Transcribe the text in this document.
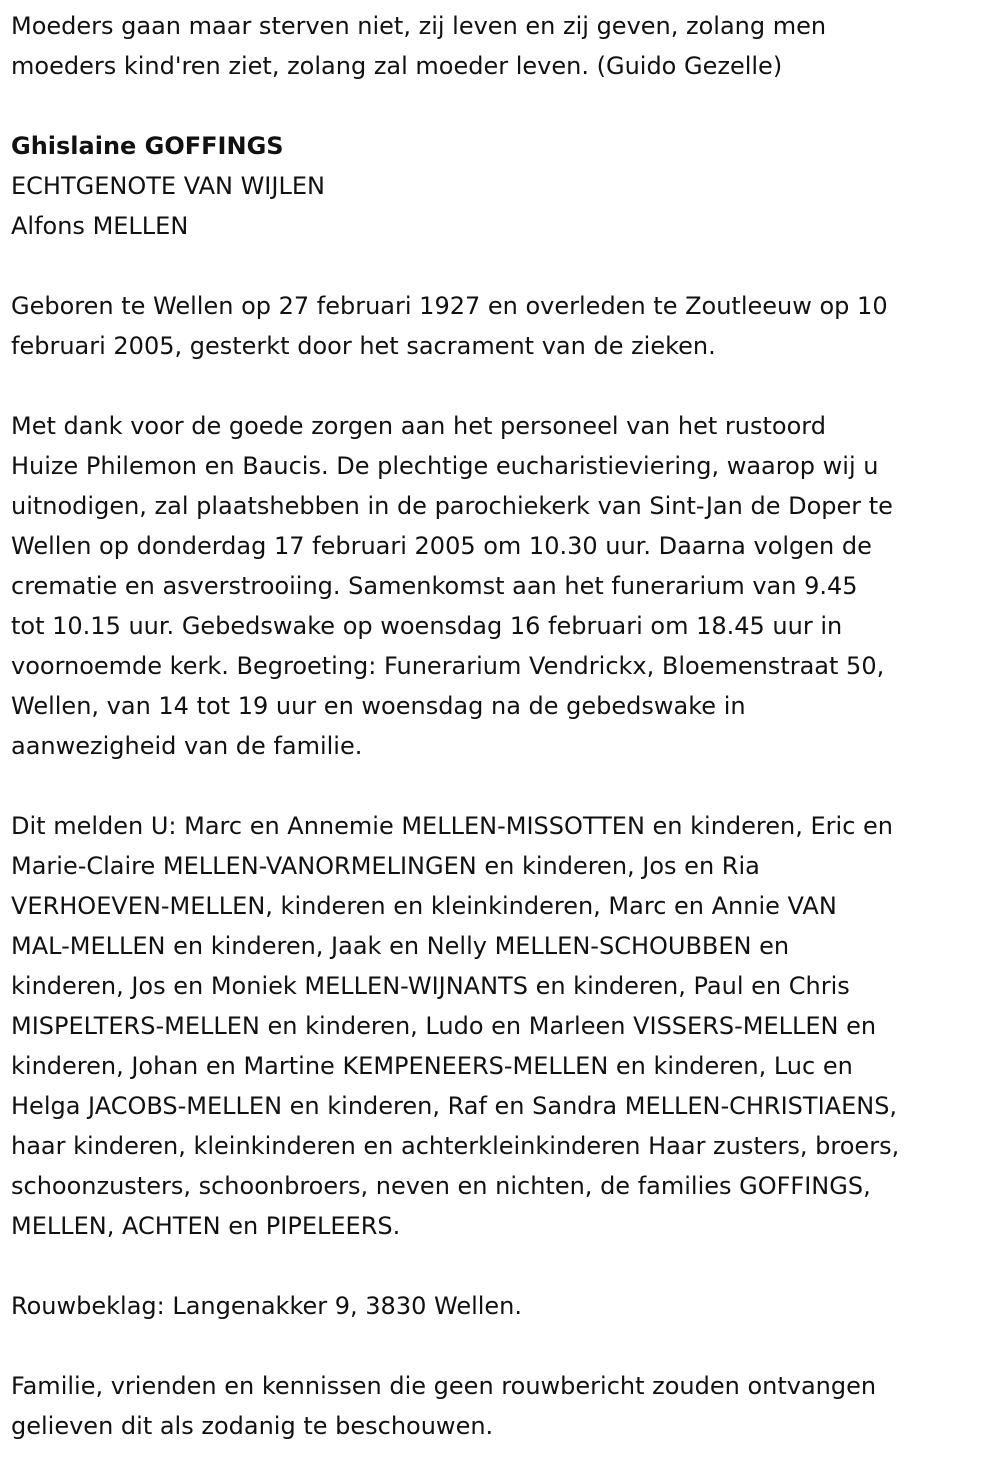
Moeders gaan maar sterven niet, zij leven en zij geven, zolang men
moeders kind'ren ziet, zolang zal moeder leven. (Guido Gezelle)

Ghislaine GOFFINGS

ECHTGENOTE VAN WIJLEN

Alfons MELLEN

Geboren te Wellen op 27 februari 1927 en overleden te Zoutleeuw op 10
februari 2005, gesterkt door het sacrament van de zieken.

Met dank voor de goede zorgen aan het personeel van het rustoord
Huize Philemon en Baucis. De plechtige eucharistieviering, waarop wij u
uitnodigen, zal plaatshebben in de parochiekerk van Sint-Jan de Doper te
Wellen op donderdag 17 februari 2005 om 10.30 uur. Daarna volgen de
crematie en asverstrooiing. Samenkomst aan het funerarium van 9.45
tot 10.15 uur. Gebedswake op woensdag 16 februari om 18.45 uur in
voornoemde kerk. Begroeting: Funerarium Vendrickx, Bloemenstraat 50,
Wellen, van 14 tot 19 uur en woensdag na de gebedswake in
aanwezigheid van de familie.

Dit melden U: Marc en Annemie MELLEN-MISSOTTEN en kinderen, Eric en
Marie-Claire MELLEN-VANORMELINGEN en kinderen, Jos en Ria
VERHOEVEN-MELLEN, kinderen en kleinkinderen, Marc en Annie VAN
MAL-MELLEN en kinderen, Jaak en Nelly MELLEN-SCHOUBBEN en
kinderen, Jos en Moniek MELLEN-WIJNANTS en kinderen, Paul en Chris
MISPELTERS-MELLEN en kinderen, Ludo en Marleen VISSERS-MELLEN en
kinderen, Johan en Martine KEMPENEERS-MELLEN en kinderen, Luc en
Helga JACOBS-MELLEN en kinderen, Raf en Sandra MELLEN-CHRISTIAENS,
haar kinderen, kleinkinderen en achterkleinkinderen Haar zusters, broers,
schoonzusters, schoonbroers, neven en nichten, de families GOFFINGS,
MELLEN, ACHTEN en PIPELEERS.

Rouwbeklag: Langenakker 9, 3830 Wellen.

Familie, vrienden en kennissen die geen rouwbericht zouden ontvangen
gelieven dit als zodanig te beschouwen.
